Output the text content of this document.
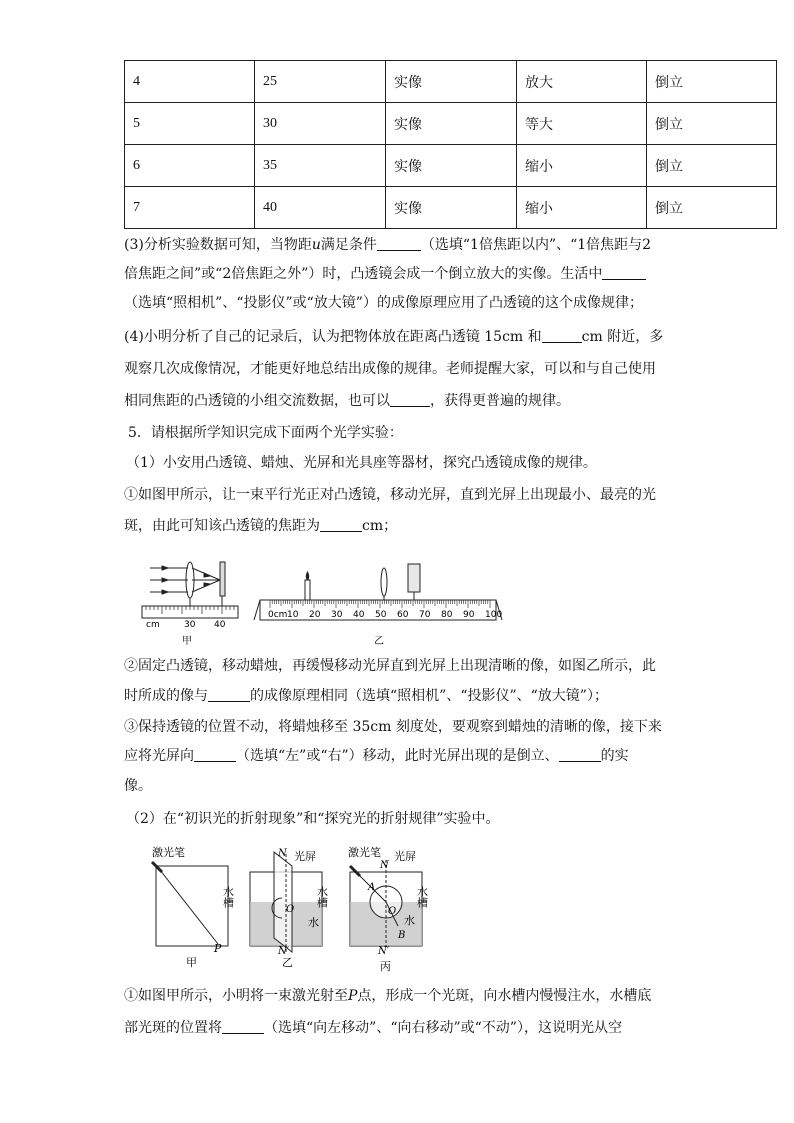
4	25	实像	放大	倒立
5	30	实像	等大	倒立
6	35	实像	缩小	倒立
7	40	实像	缩小	倒立
(3)分析实验数据可知，当物距u满足条件	（选填“1倍焦距以内”、“1倍焦距与2
倍焦距之间”或“2倍焦距之外”）时，凸透镜会成一个倒立放大的实像。生活中
（选填“照相机”、“投影仪”或“放大镜”）的成像原理应用了凸透镜的这个成像规律；
(4)小明分析了自己的记录后，认为把物体放在距离凸透镜 15cm 和	cm 附近，多
观察几次成像情况，才能更好地总结出成像的规律。老师提醒大家，可以和与自己使用
相同焦距的凸透镜的小组交流数据，也可以	，获得更普遍的规律。
5．请根据所学知识完成下面两个光学实验：
（1）小安用凸透镜、蜡烛、光屏和光具座等器材，探究凸透镜成像的规律。
①如图甲所示，让一束平行光正对凸透镜，移动光屏，直到光屏上出现最小、最亮的光
斑，由此可知该凸透镜的焦距为	cm；
cm	30 40
甲
0cm 10 20 30 40 50 60 70 80 90 100
乙
②固定凸透镜，移动蜡烛，再缓慢移动光屏直到光屏上出现清晰的像，如图乙所示，此
时所成的像与	的成像原理相同（选填“照相机”、“投影仪”、“放大镜”）；
③保持透镜的位置不动，将蜡烛移至 35cm 刻度处，要观察到蜡烛的清晰的像，接下来
应将光屏向	（选填“左”或“右”）移动，此时光屏出现的是倒立、	的实
像。
（2）在“初识光的折射现象”和“探究光的折射规律”实验中。
激光笔
水槽
P
甲
N 光屏
O
水
水槽
N′
乙
激光笔 光屏
N
A
O
B
水
水槽
N′
丙
①如图甲所示，小明将一束激光射至P点，形成一个光斑，向水槽内慢慢注水，水槽底
部光斑的位置将	（选填“向左移动”、“向右移动”或“不动”），这说明光从空
